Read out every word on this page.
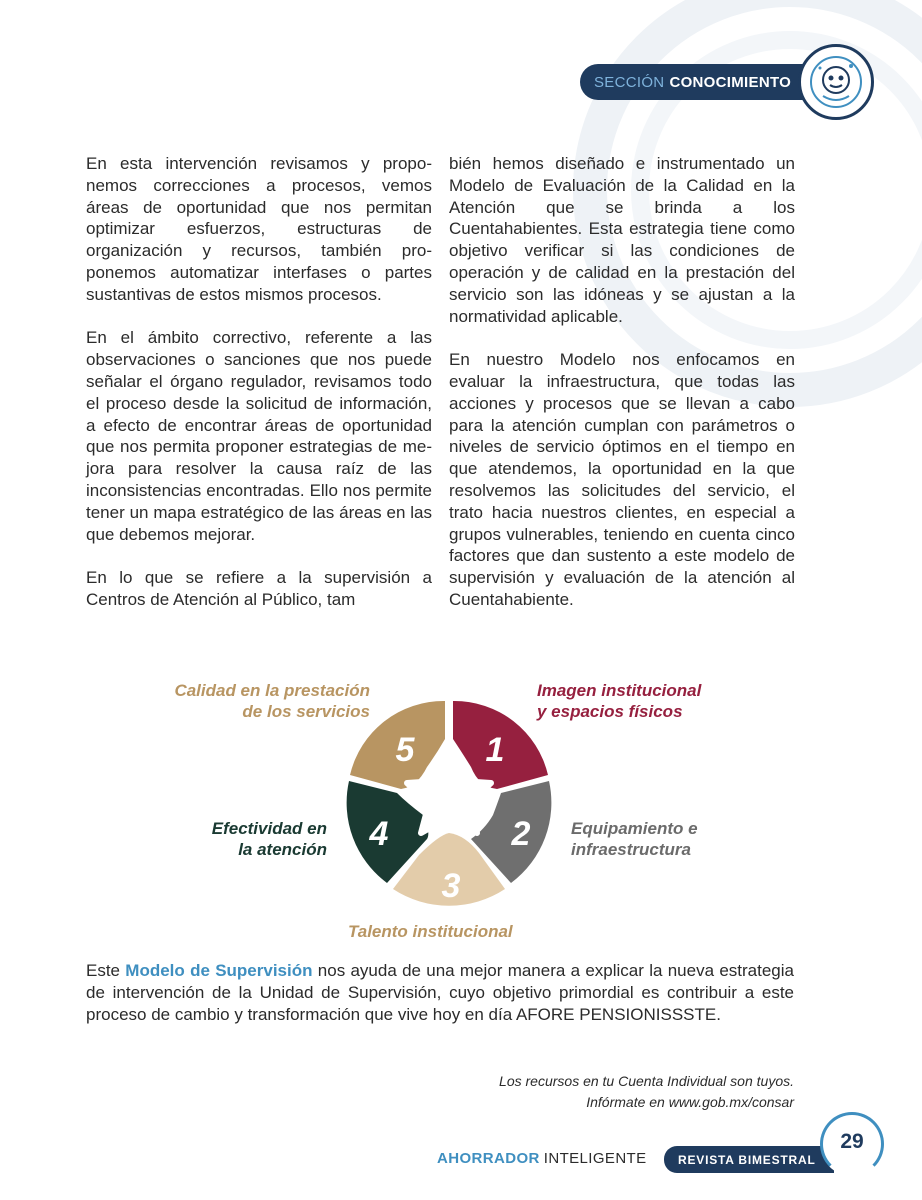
SECCIÓN CONOCIMIENTO

En esta intervención revisamos y proponemos correcciones a procesos, vemos áreas de oportunidad que nos permitan optimizar esfuerzos, estructuras de organización y recursos, también proponemos automatizar interfases o partes sustantivas de estos mismos procesos.

En el ámbito correctivo, referente a las observaciones o sanciones que nos puede señalar el órgano regulador, revisamos todo el proceso desde la solicitud de información, a efecto de encontrar áreas de oportunidad que nos permita proponer estrategias de mejora para resolver la causa raíz de las inconsistencias encontradas. Ello nos permite tener un mapa estratégico de las áreas en las que debemos mejorar.

En lo que se refiere a la supervisión a Centros de Atención al Público, tam

bién hemos diseñado e instrumentado un Modelo de Evaluación de la Calidad en la Atención que se brinda a los Cuentahabientes. Esta estrategia tiene como objetivo verificar si las condiciones de operación y de calidad en la prestación del servicio son las idóneas y se ajustan a la normatividad aplicable.

En nuestro Modelo nos enfocamos en evaluar la infraestructura, que todas las acciones y procesos que se llevan a cabo para la atención cumplan con parámetros o niveles de servicio óptimos en el tiempo en que atendemos, la oportunidad en la que resolvemos las solicitudes del servicio, el trato hacia nuestros clientes, en especial a grupos vulnerables, teniendo en cuenta cinco factores que dan sustento a este modelo de supervisión y evaluación de la atención al Cuentahabiente.

1
2
3
4
5
Calidad en la prestación
de los servicios
Imagen institucional
y espacios físicos
Efectividad en
la atención
Equipamiento e
infraestructura
Talento institucional

Este Modelo de Supervisión nos ayuda de una mejor manera a explicar la nueva estrategia de intervención de la Unidad de Supervisión, cuyo objetivo primordial es contribuir a este proceso de cambio y transformación que vive hoy en día AFORE PENSIONISSSTE.

Los recursos en tu Cuenta Individual son tuyos.
Infórmate en www.gob.mx/consar
AHORRADOR INTELIGENTE	REVISTA BIMESTRAL
29
